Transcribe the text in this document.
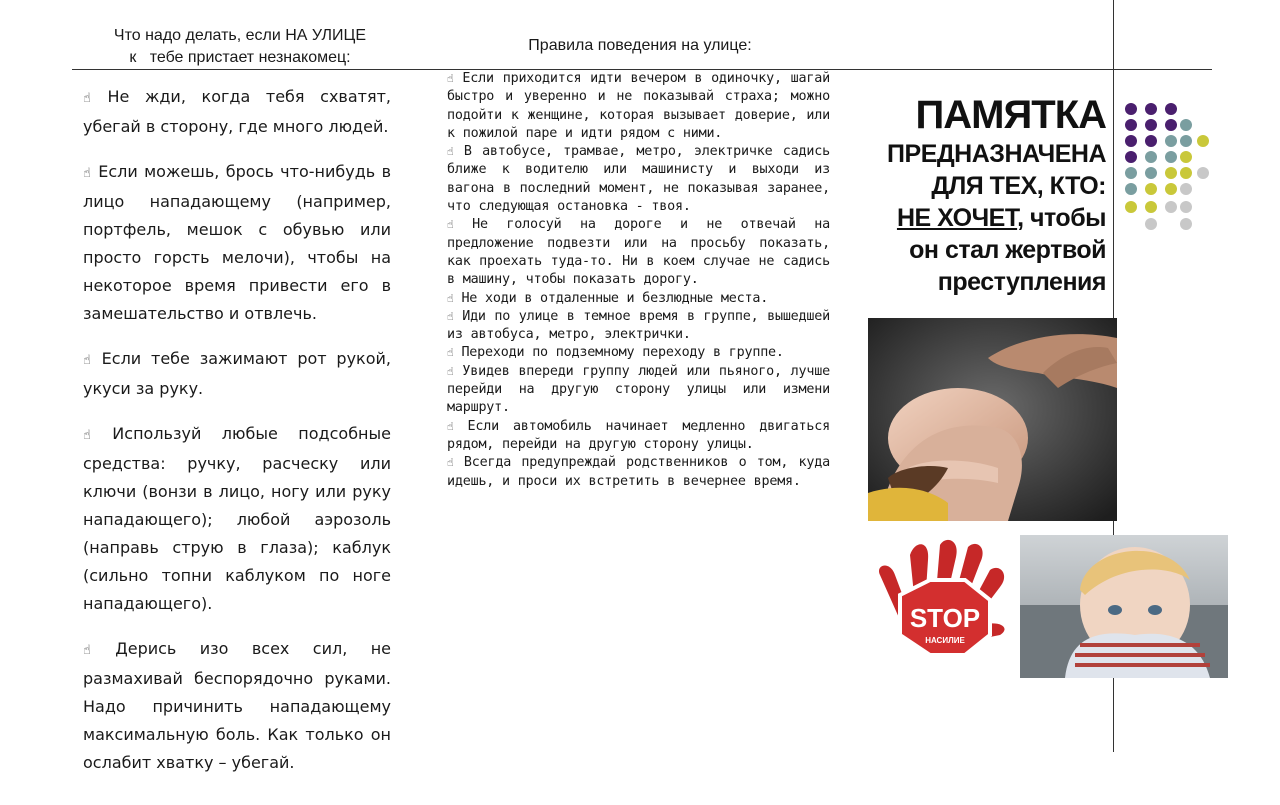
Что надо делать, если НА УЛИЦЕ
к   тебе пристает незнакомец:
Правила поведения на улице:

☝ Не жди, когда тебя схватят, убегай в сторону, где много людей.

☝ Если можешь, брось что-нибудь в лицо нападающему (например, портфель, мешок с обувью или просто горсть мелочи), чтобы на некоторое время привести его в замешательство и отвлечь.

☝ Если тебе зажимают рот рукой, укуси за руку.

☝ Используй любые подсобные средства: ручку, расческу или ключи (вонзи в лицо, ногу или руку нападающего); любой аэрозоль (направь струю в глаза); каблук (сильно топни каблуком по ноге нападающего).

☝ Дерись изо всех сил, не размахивай беспорядочно руками. Надо причинить нападающему максимальную боль. Как только он ослабит хватку – убегай.

☝ Если приходится идти вечером в одиночку, шагай быстро и уверенно и не показывай страха; можно подойти к женщине, которая вызывает доверие, или к пожилой паре и идти рядом с ними.

☝ В автобусе, трамвае, метро, электричке садись ближе к водителю или машинисту и выходи из вагона в последний момент, не показывая заранее, что следующая остановка - твоя.

☝ Не голосуй на дороге и не отвечай на предложение подвезти или на просьбу показать, как проехать туда-то. Ни в коем случае не садись в машину, чтобы показать дорогу.

☝ Не ходи в отдаленные и безлюдные места.

☝ Иди по улице в темное время в группе, вышедшей из автобуса, метро, электрички.

☝ Переходи по подземному переходу в группе.

☝ Увидев впереди группу людей или пьяного, лучше перейди на другую сторону улицы или измени маршрут.

☝ Если автомобиль начинает медленно двигаться рядом, перейди на другую сторону улицы.

☝ Всегда предупреждай родственников о том, куда идешь, и проси их встретить в вечернее время.

ПАМЯТКА
ПРЕДНАЗНАЧЕНА
ДЛЯ ТЕХ, КТО:
НЕ ХОЧЕТ, чтобы
он стал жертвой
преступления
STOP
НАСИЛИЕ
